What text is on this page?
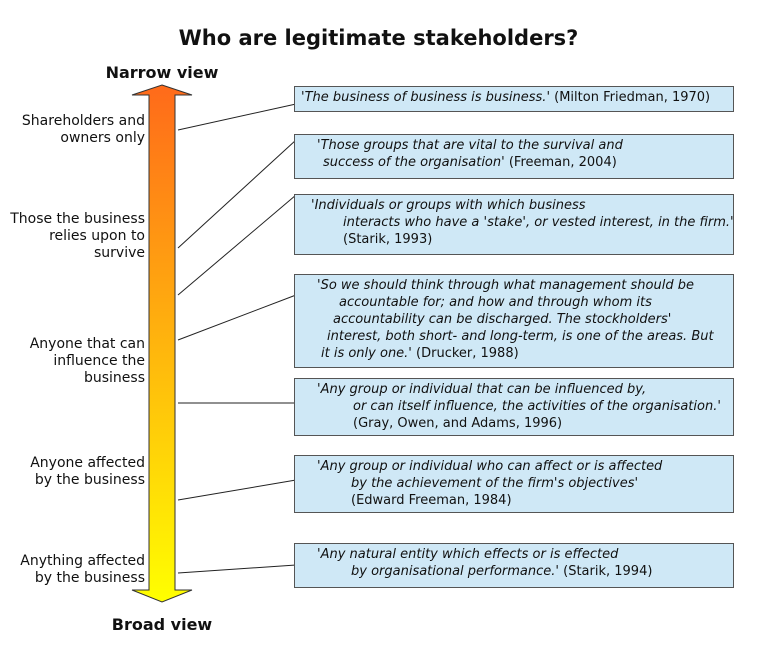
Who are legitimate stakeholders?
Narrow view
Broad view
Shareholders and
owners only
Those the business
relies upon to
survive
Anyone that can
influence the
business
Anyone affected
by the business
Anything affected
by the business
'The business of business is business.' (Milton Friedman, 1970)
'Those groups that are vital to the survival and
success of the organisation' (Freeman, 2004)
'Individuals or groups with which business
interacts who have a 'stake', or vested interest, in the firm.'
(Starik, 1993)
'So we should think through what management should be
accountable for; and how and through whom its
accountability can be discharged. The stockholders'
interest, both short- and long-term, is one of the areas. But
it is only one.' (Drucker, 1988)
'Any group or individual that can be influenced by,
or can itself influence, the activities of the organisation.'
(Gray, Owen, and Adams, 1996)
'Any group or individual who can affect or is affected
by the achievement of the firm's objectives'
(Edward Freeman, 1984)
'Any natural entity which effects or is effected
by organisational performance.' (Starik, 1994)
